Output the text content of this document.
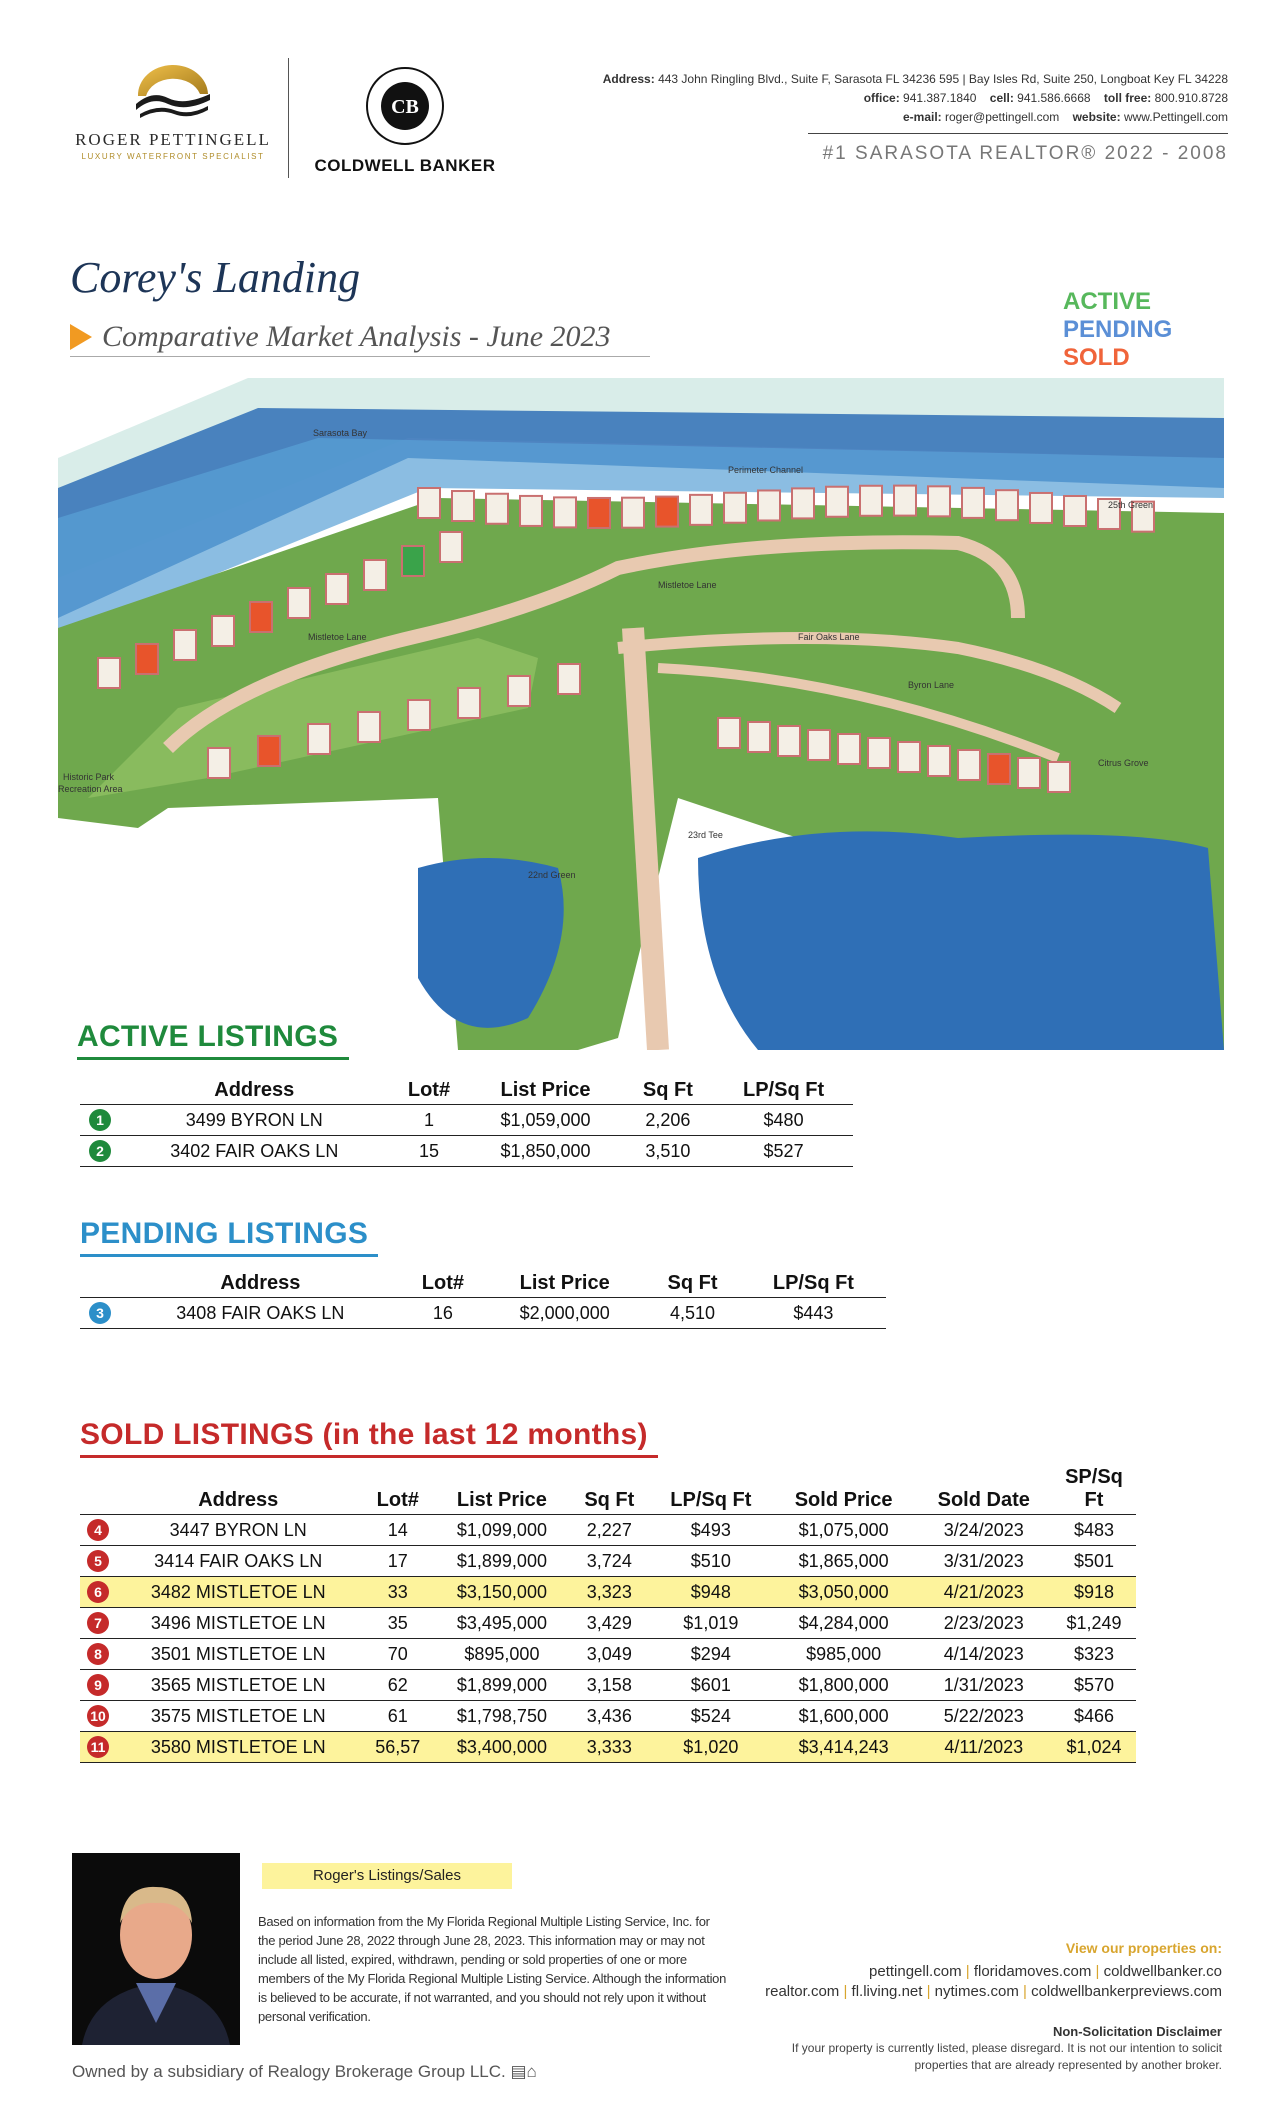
ROGER PETTINGELL
LUXURY WATERFRONT SPECIALIST
CB
COLDWELL BANKER
Address: 443 John Ringling Blvd., Suite F, Sarasota FL 34236 595 | Bay Isles Rd, Suite 250, Longboat Key FL 34228
office: 941.387.1840 cell: 941.586.6668 toll free: 800.910.8728
e-mail: roger@pettingell.com website: www.Pettingell.com
#1 SARASOTA REALTOR® 2022 - 2008
Corey's Landing
Comparative Market Analysis - June 2023
ACTIVE
PENDING
SOLD
Sarasota Bay
Perimeter Channel
Mistletoe Lane
Mistletoe Lane	Fair Oaks Lane
Byron Lane
Historic Park
Recreation Area
25th Green
22nd Green
23rd Tee
Citrus Grove
ACTIVE LISTINGS
	Address	Lot#	List Price	Sq Ft	LP/Sq Ft
1	3499 BYRON LN	1	$1,059,000	2,206	$480
2	3402 FAIR OAKS LN	15	$1,850,000	3,510	$527
PENDING LISTINGS
	Address	Lot#	List Price	Sq Ft	LP/Sq Ft
3	3408 FAIR OAKS LN	16	$2,000,000	4,510	$443
SOLD LISTINGS (in the last 12 months)
	Address	Lot#	List Price	Sq Ft	LP/Sq Ft	Sold Price	Sold Date	SP/Sq Ft
4	3447 BYRON LN	14	$1,099,000	2,227	$493	$1,075,000	3/24/2023	$483
5	3414 FAIR OAKS LN	17	$1,899,000	3,724	$510	$1,865,000	3/31/2023	$501
6	3482 MISTLETOE LN	33	$3,150,000	3,323	$948	$3,050,000	4/21/2023	$918
7	3496 MISTLETOE LN	35	$3,495,000	3,429	$1,019	$4,284,000	2/23/2023	$1,249
8	3501 MISTLETOE LN	70	$895,000	3,049	$294	$985,000	4/14/2023	$323
9	3565 MISTLETOE LN	62	$1,899,000	3,158	$601	$1,800,000	1/31/2023	$570
10	3575 MISTLETOE LN	61	$1,798,750	3,436	$524	$1,600,000	5/22/2023	$466
11	3580 MISTLETOE LN	56,57	$3,400,000	3,333	$1,020	$3,414,243	4/11/2023	$1,024
Roger's Listings/Sales
Based on information from the My Florida Regional Multiple Listing Service, Inc. for the period June 28, 2022 through June 28, 2023. This information may or may not include all listed, expired, withdrawn, pending or sold properties of one or more members of the My Florida Regional Multiple Listing Service. Although the information is believed to be accurate, if not warranted, and you should not rely upon it without personal verification.
Owned by a subsidiary of Realogy Brokerage Group LLC. ▤⌂
View our properties on:
pettingell.com | floridamoves.com | coldwellbanker.co
realtor.com | fl.living.net | nytimes.com | coldwellbankerpreviews.com
Non-Solicitation Disclaimer
If your property is currently listed, please disregard. It is not our intention to solicit properties that are already represented by another broker.
